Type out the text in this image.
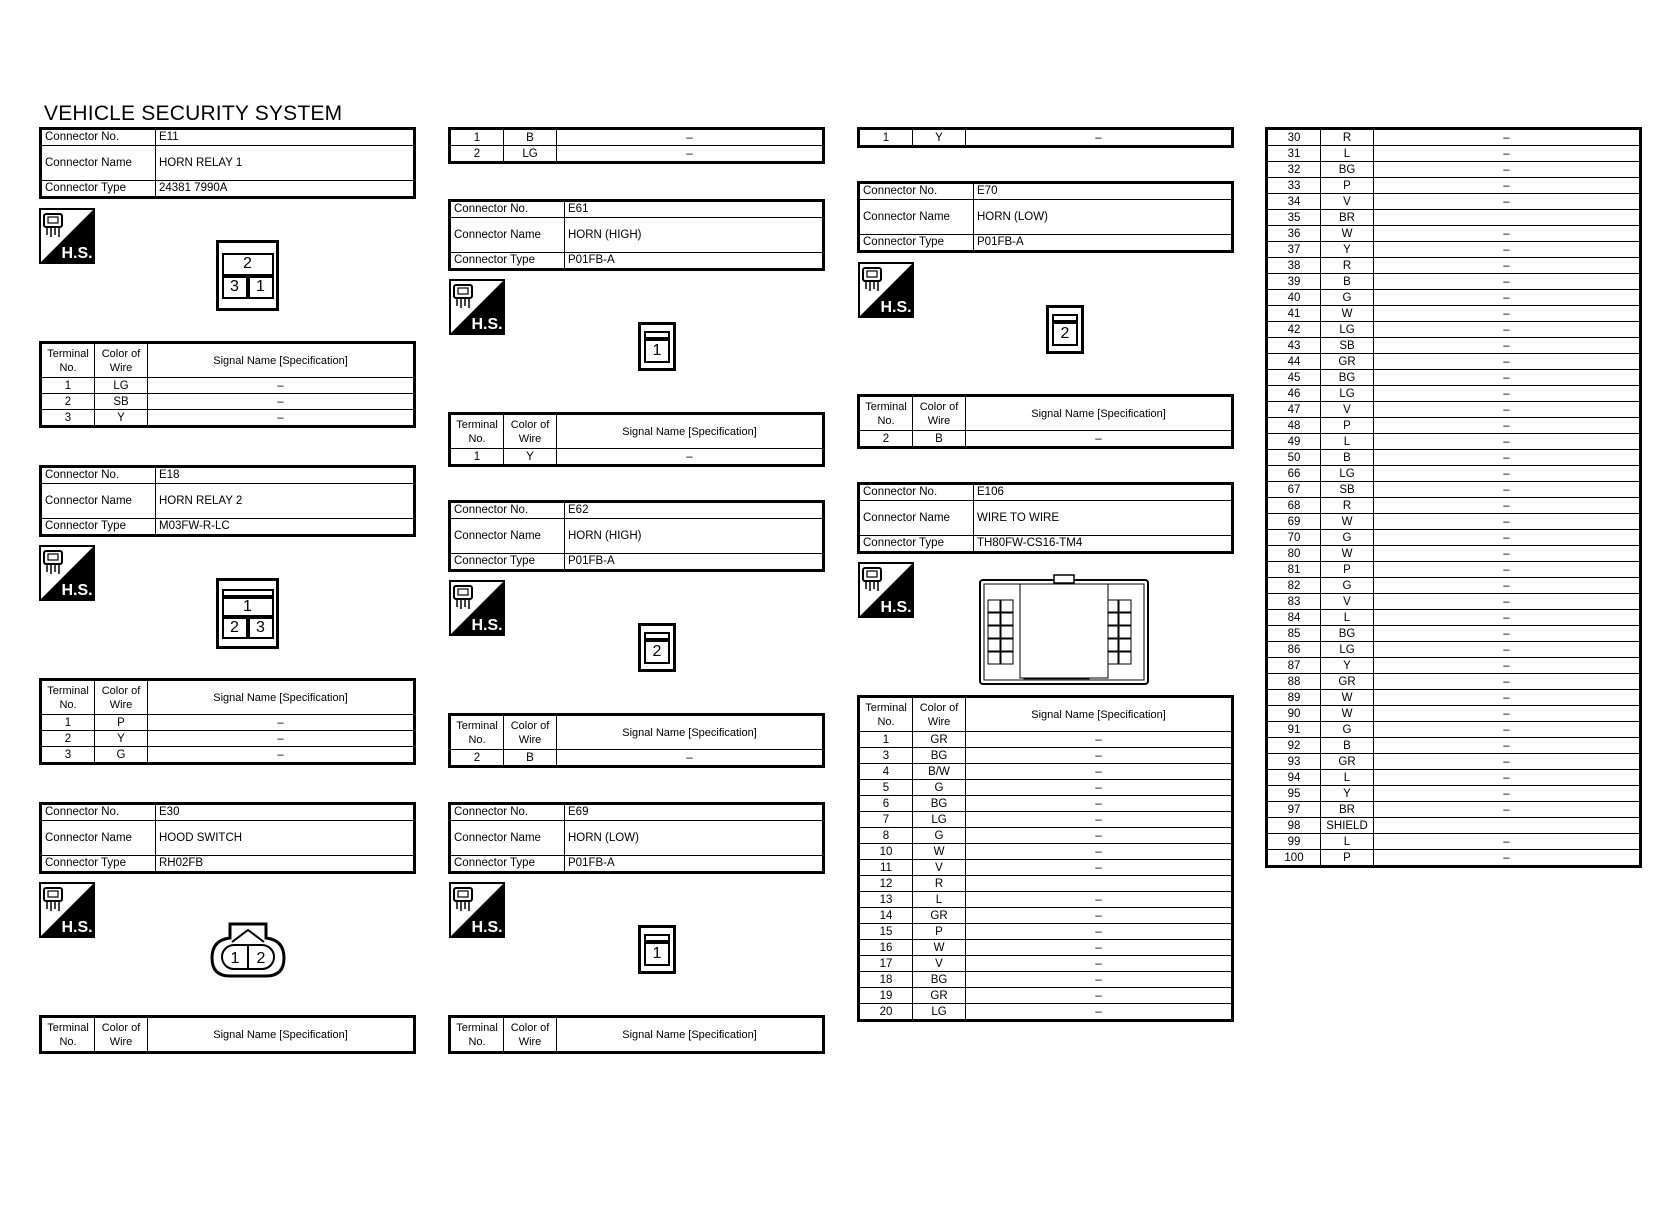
VEHICLE SECURITY SYSTEM
Connector No.	E11
Connector Name	HORN RELAY 1
Connector Type	24381 7990A
H.S.
2
3	1
Terminal No.	Color of Wire	Signal Name [Specification]
1	LG	–
2	SB	–
3	Y	–
Connector No.	E18
Connector Name	HORN RELAY 2
Connector Type	M03FW-R-LC
H.S.
1
2	3
Terminal No.	Color of Wire	Signal Name [Specification]
1	P	–
2	Y	–
3	G	–
Connector No.	E30
Connector Name	HOOD SWITCH
Connector Type	RH02FB
H.S.
1 2
Terminal No.	Color of Wire	Signal Name [Specification]
1	B	–
2	LG	–
Connector No.	E61
Connector Name	HORN (HIGH)
Connector Type	P01FB-A
H.S.
1
Terminal No.	Color of Wire	Signal Name [Specification]
1	Y	–
Connector No.	E62
Connector Name	HORN (HIGH)
Connector Type	P01FB-A
H.S.
2
Terminal No.	Color of Wire	Signal Name [Specification]
2	B	–
Connector No.	E69
Connector Name	HORN (LOW)
Connector Type	P01FB-A
H.S.
1
Terminal No.	Color of Wire	Signal Name [Specification]
1	Y	–
Connector No.	E70
Connector Name	HORN (LOW)
Connector Type	P01FB-A
H.S.
2
Terminal No.	Color of Wire	Signal Name [Specification]
2	B	–
Connector No.	E106
Connector Name	WIRE TO WIRE
Connector Type	TH80FW-CS16-TM4
H.S.
Terminal No.	Color of Wire	Signal Name [Specification]
1	GR	–
3	BG	–
4	B/W	–
5	G	–
6	BG	–
7	LG	–
8	G	–
10	W	–
11	V	–
12	R	
13	L	–
14	GR	–
15	P	–
16	W	–
17	V	–
18	BG	–
19	GR	–
20	LG	–
30	R	–
31	L	–
32	BG	–
33	P	–
34	V	–
35	BR	
36	W	–
37	Y	–
38	R	–
39	B	–
40	G	–
41	W	–
42	LG	–
43	SB	–
44	GR	–
45	BG	–
46	LG	–
47	V	–
48	P	–
49	L	–
50	B	–
66	LG	–
67	SB	–
68	R	–
69	W	–
70	G	–
80	W	–
81	P	–
82	G	–
83	V	–
84	L	–
85	BG	–
86	LG	–
87	Y	–
88	GR	–
89	W	–
90	W	–
91	G	–
92	B	–
93	GR	–
94	L	–
95	Y	–
97	BR	–
98	SHIELD	
99	L	–
100	P	–
